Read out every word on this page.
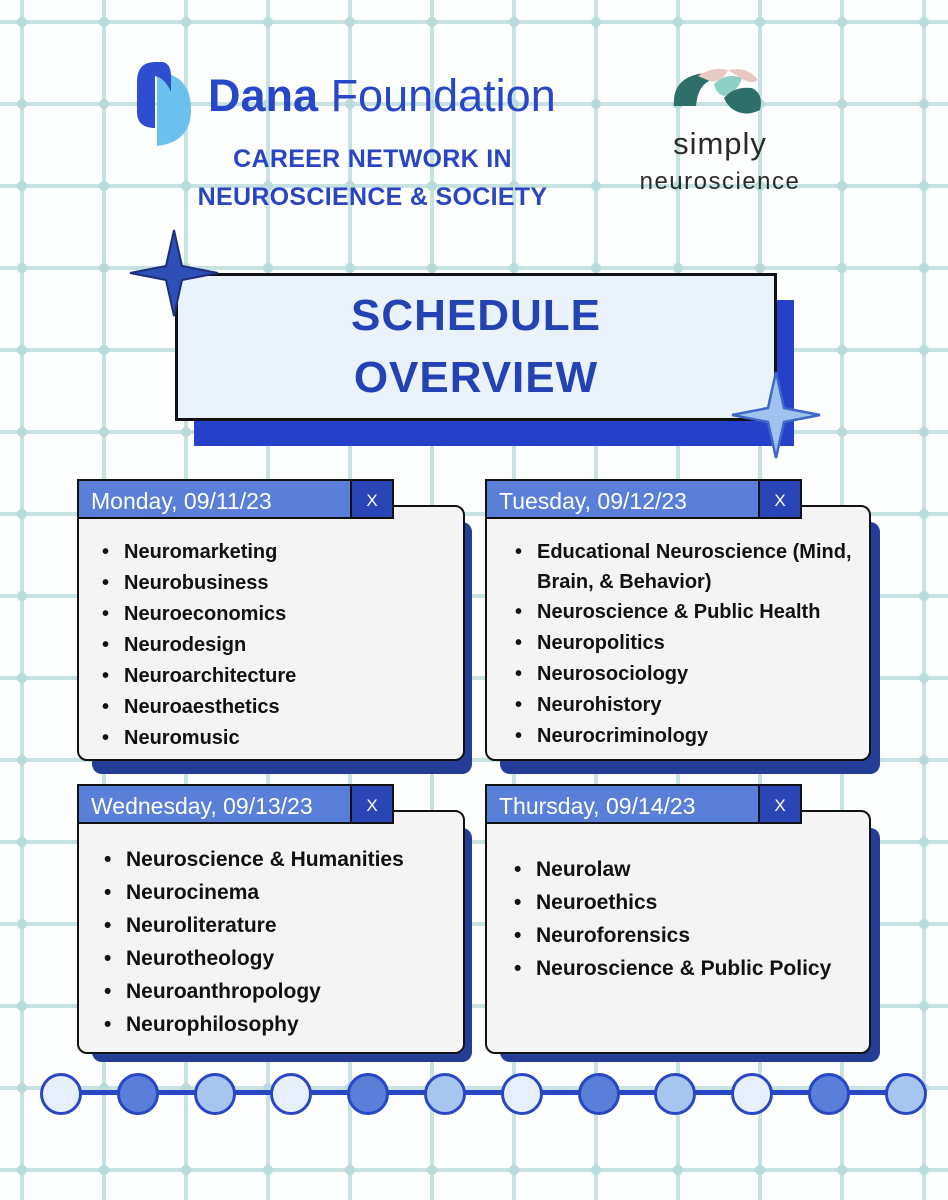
Dana Foundation
CAREER NETWORK IN
NEUROSCIENCE & SOCIETY
simply
neuroscience
SCHEDULE
OVERVIEW
Monday, 09/11/23	X
• Neuromarketing
• Neurobusiness
• Neuroeconomics
• Neurodesign
• Neuroarchitecture
• Neuroaesthetics
• Neuromusic
Tuesday, 09/12/23	X
• Educational Neuroscience (Mind, Brain, & Behavior)
• Neuroscience & Public Health
• Neuropolitics
• Neurosociology
• Neurohistory
• Neurocriminology
Wednesday, 09/13/23	X
• Neuroscience & Humanities
• Neurocinema
• Neuroliterature
• Neurotheology
• Neuroanthropology
• Neurophilosophy
Thursday, 09/14/23	X
• Neurolaw
• Neuroethics
• Neuroforensics
• Neuroscience & Public Policy
